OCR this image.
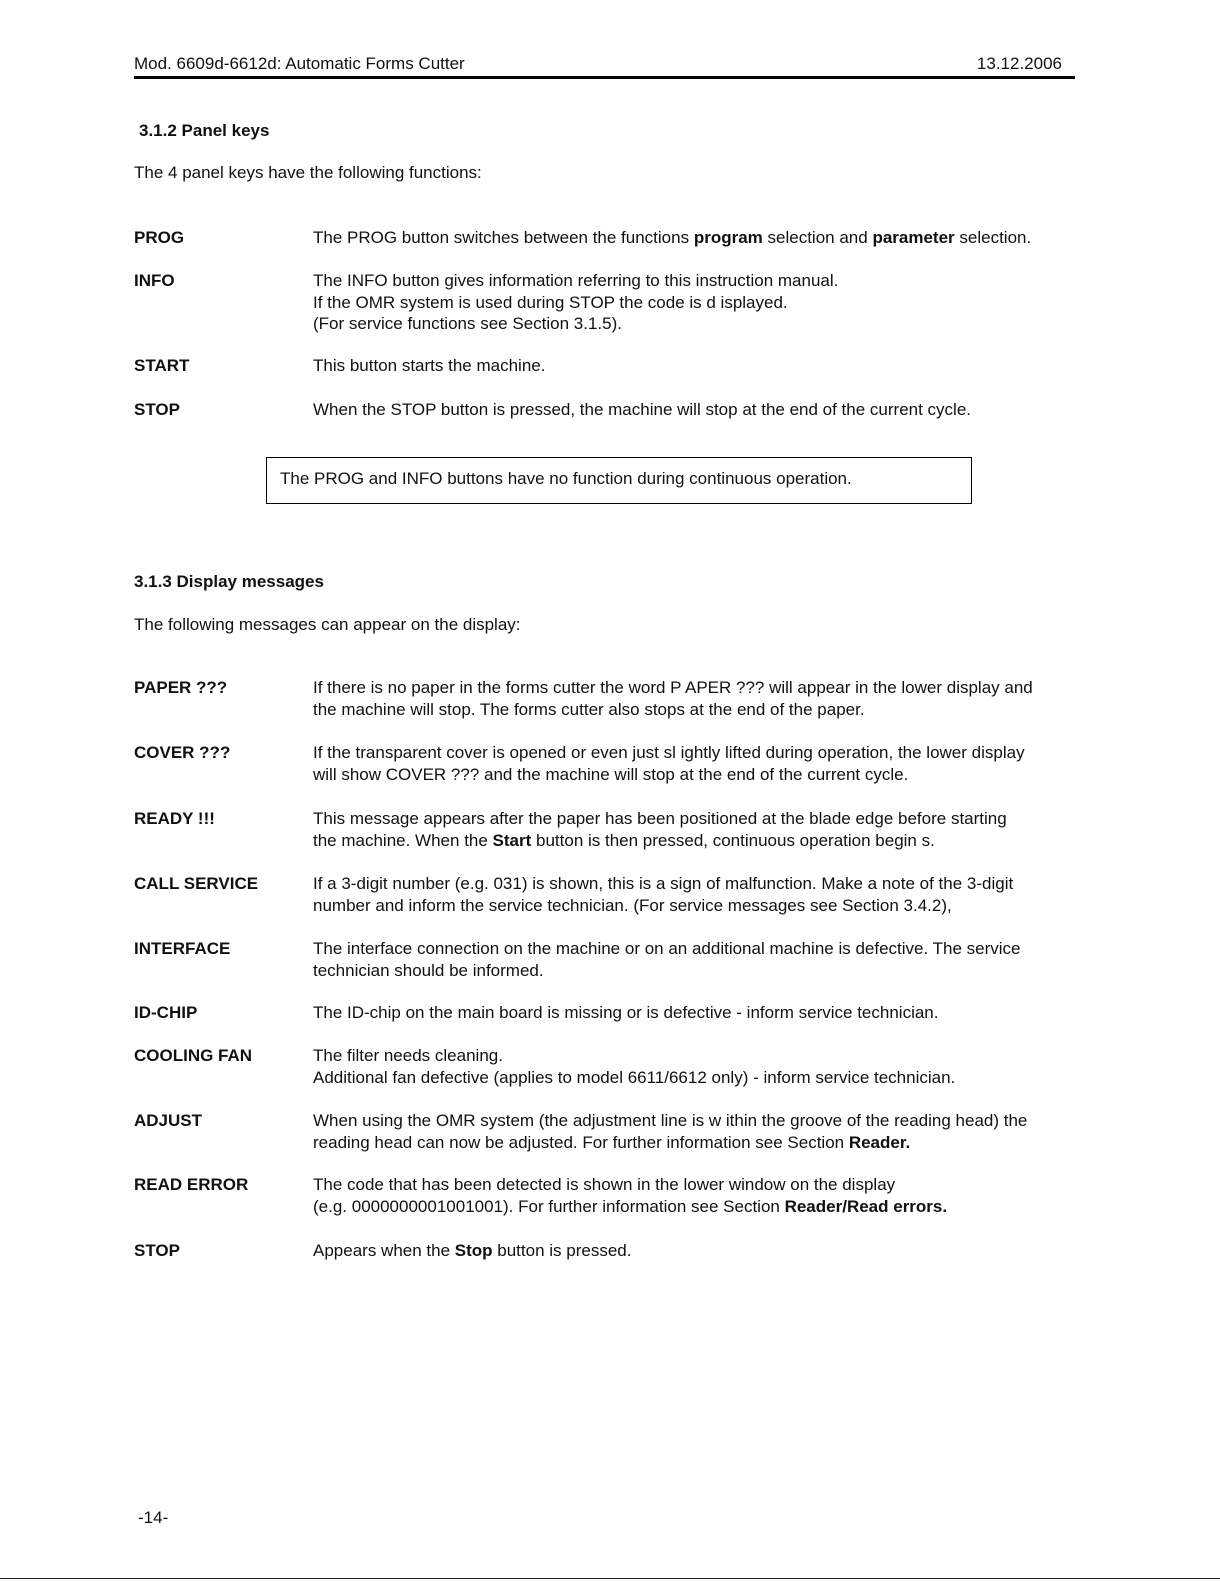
Mod. 6609d-6612d: Automatic Forms Cutter	13.12.2006
3.1.2 Panel keys
The 4 panel keys have the following functions:
PROG	The PROG button switches between the functions program selection and parameter selection.
INFO	The INFO button gives information referring to this instruction manual.
If the OMR system is used during STOP the code is d isplayed.
(For service functions see Section 3.1.5).
START	This button starts the machine.
STOP	When the STOP button is pressed, the machine will stop at the end of the current cycle.
The PROG and INFO buttons have no function during continuous operation.
3.1.3 Display messages
The following messages can appear on the display:
PAPER ???	If there is no paper in the forms cutter the word P APER ??? will appear in the lower display and
the machine will stop. The forms cutter also stops at the end of the paper.
COVER ???	If the transparent cover is opened or even just sl ightly lifted during operation, the lower display
will show COVER ??? and the machine will stop at the end of the current cycle.
READY !!!	This message appears after the paper has been positioned at the blade edge before starting
the machine. When the Start button is then pressed, continuous operation begin s.
CALL SERVICE	If a 3-digit number (e.g. 031) is shown, this is a sign of malfunction. Make a note of the 3-digit
number and inform the service technician. (For service messages see Section 3.4.2),
INTERFACE	The interface connection on the machine or on an additional machine is defective. The service
technician should be informed.
ID-CHIP	The ID-chip on the main board is missing or is defective - inform service technician.
COOLING FAN	The filter needs cleaning.
Additional fan defective (applies to model 6611/6612 only) - inform service technician.
ADJUST	When using the OMR system (the adjustment line is w ithin the groove of the reading head) the
reading head can now be adjusted. For further information see Section Reader.
READ ERROR	The code that has been detected is shown in the lower window on the display
(e.g. 0000000001001001). For further information see Section Reader/Read errors.
STOP	Appears when the Stop button is pressed.
-14-
